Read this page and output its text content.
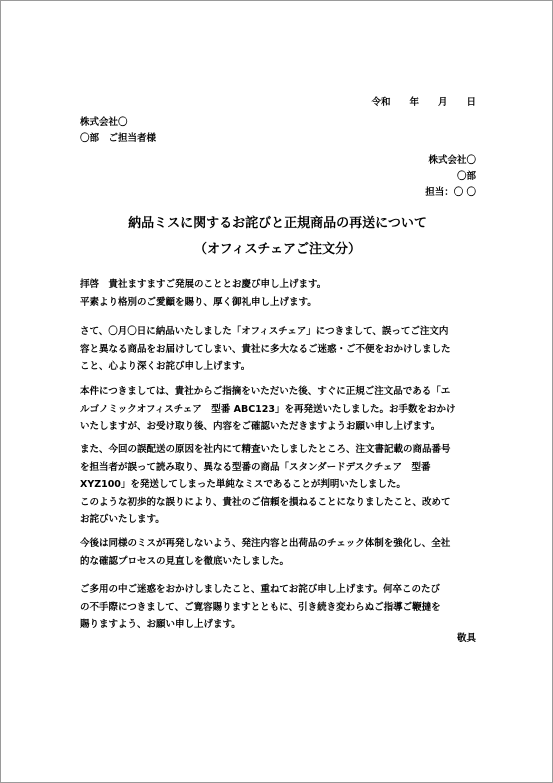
令和　　年　　月　　日
株式会社〇
〇部　ご担当者様
株式会社〇
〇部
担当：〇 〇
納品ミスに関するお詫びと正規商品の再送について
（オフィスチェアご注文分）
拝啓　貴社ますますご発展のこととお慶び申し上げます。
平素より格別のご愛顧を賜り、厚く御礼申し上げます。
さて、〇月〇日に納品いたしました「オフィスチェア」につきまして、誤ってご注文内
容と異なる商品をお届けしてしまい、貴社に多大なるご迷惑・ご不便をおかけしました
こと、心より深くお詫び申し上げます。
本件につきましては、貴社からご指摘をいただいた後、すぐに正規ご注文品である「エ
ルゴノミックオフィスチェア　型番 ABC123」を再発送いたしました。お手数をおかけ
いたしますが、お受け取り後、内容をご確認いただきますようお願い申し上げます。
また、今回の誤配送の原因を社内にて精査いたしましたところ、注文書記載の商品番号
を担当者が誤って読み取り、異なる型番の商品「スタンダードデスクチェア　型番
XYZ100」を発送してしまった単純なミスであることが判明いたしました。
このような初歩的な誤りにより、貴社のご信頼を損ねることになりましたこと、改めて
お詫びいたします。
今後は同様のミスが再発しないよう、発注内容と出荷品のチェック体制を強化し、全社
的な確認プロセスの見直しを徹底いたしました。
ご多用の中ご迷惑をおかけしましたこと、重ねてお詫び申し上げます。何卒このたび
の不手際につきまして、ご寛容賜りますとともに、引き続き変わらぬご指導ご鞭撻を
賜りますよう、お願い申し上げます。
敬具
